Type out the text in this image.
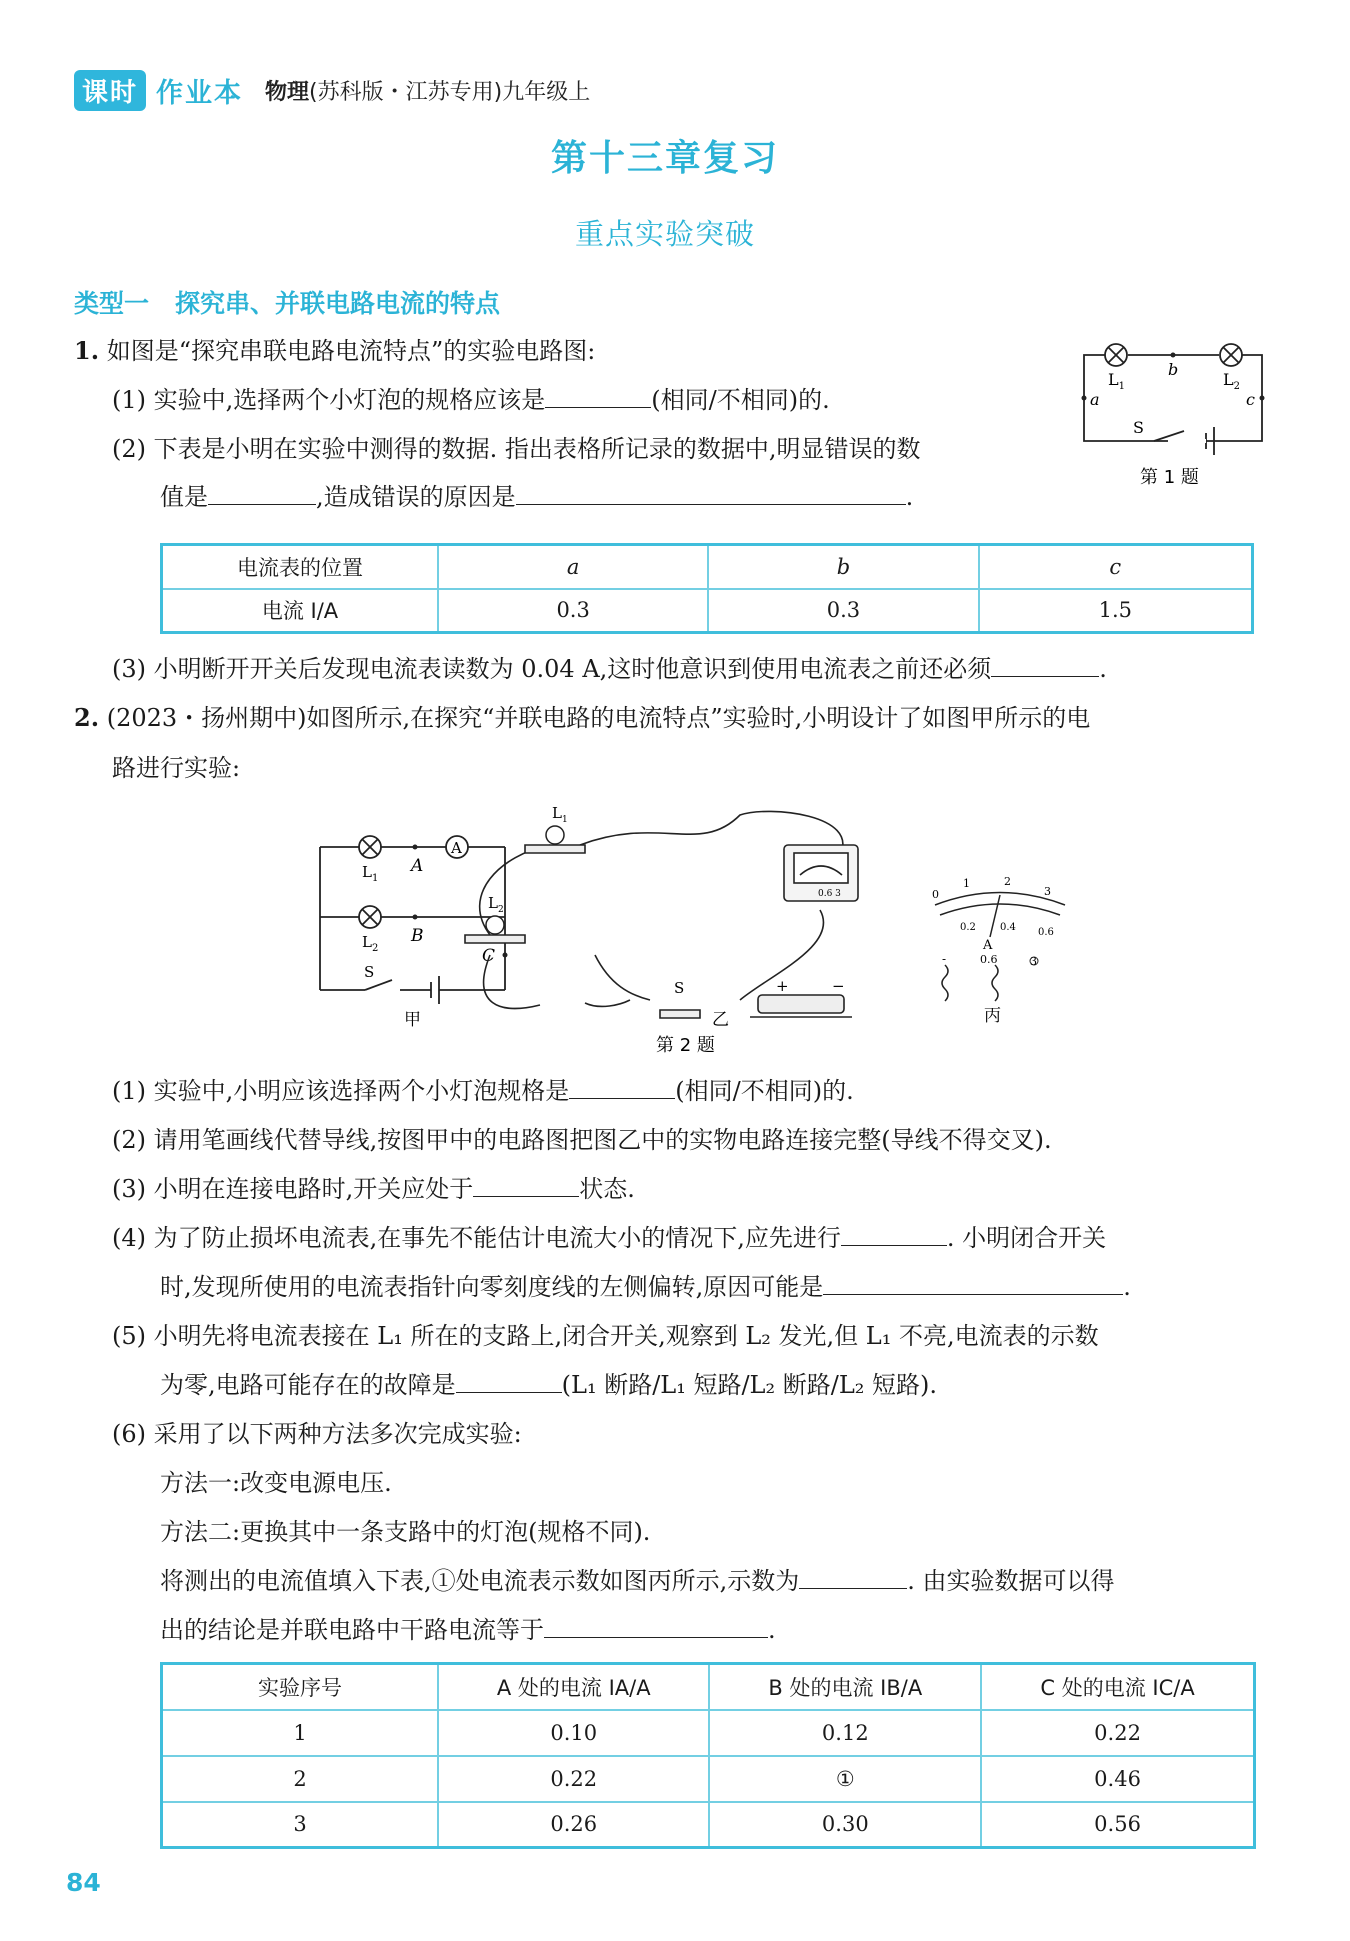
课时 作业本 物理(苏科版・江苏专用)九年级上
第十三章复习
重点实验突破
类型一 探究串、并联电路电流的特点
1. 如图是“探究串联电路电流特点”的实验电路图:
(1) 实验中,选择两个小灯泡的规格应该是	(相同/不相同)的.
(2) 下表是小明在实验中测得的数据. 指出表格所记录的数据中,明显错误的数
值是	,造成错误的原因是	.
$L_1$	$L_2$
b
a	c
S
第 1 题
电流表的位置	a	b	c
电流 I/A	0.3	0.3	1.5
(3) 小明断开开关后发现电流表读数为 0.04 A,这时他意识到使用电流表之前还必须	.
2. (2023・扬州期中)如图所示,在探究“并联电路的电流特点”实验时,小明设计了如图甲所示的电
路进行实验:
A
$L_1$
$L_2$
A
B
C
S
甲
0.6 3
$L_1$
$L_2$
S	+	−
乙
0
1	2
3
0.2 0.4 0.6
A
-	0.6	3
丙
第 2 题
(1) 实验中,小明应该选择两个小灯泡规格是	(相同/不相同)的.
(2) 请用笔画线代替导线,按图甲中的电路图把图乙中的实物电路连接完整(导线不得交叉).
(3) 小明在连接电路时,开关应处于	状态.
(4) 为了防止损坏电流表,在事先不能估计电流大小的情况下,应先进行	. 小明闭合开关
时,发现所使用的电流表指针向零刻度线的左侧偏转,原因可能是	.
(5) 小明先将电流表接在 L₁ 所在的支路上,闭合开关,观察到 L₂ 发光,但 L₁ 不亮,电流表的示数
为零,电路可能存在的故障是	(L₁ 断路/L₁ 短路/L₂ 断路/L₂ 短路).
(6) 采用了以下两种方法多次完成实验:
方法一:改变电源电压.
方法二:更换其中一条支路中的灯泡(规格不同).
将测出的电流值填入下表,①处电流表示数如图丙所示,示数为	. 由实验数据可以得
出的结论是并联电路中干路电流等于	.
实验序号	A 处的电流 IA/A	B 处的电流 IB/A	C 处的电流 IC/A
1	0.10	0.12	0.22
2	0.22	①	0.46
3	0.26	0.30	0.56
84
